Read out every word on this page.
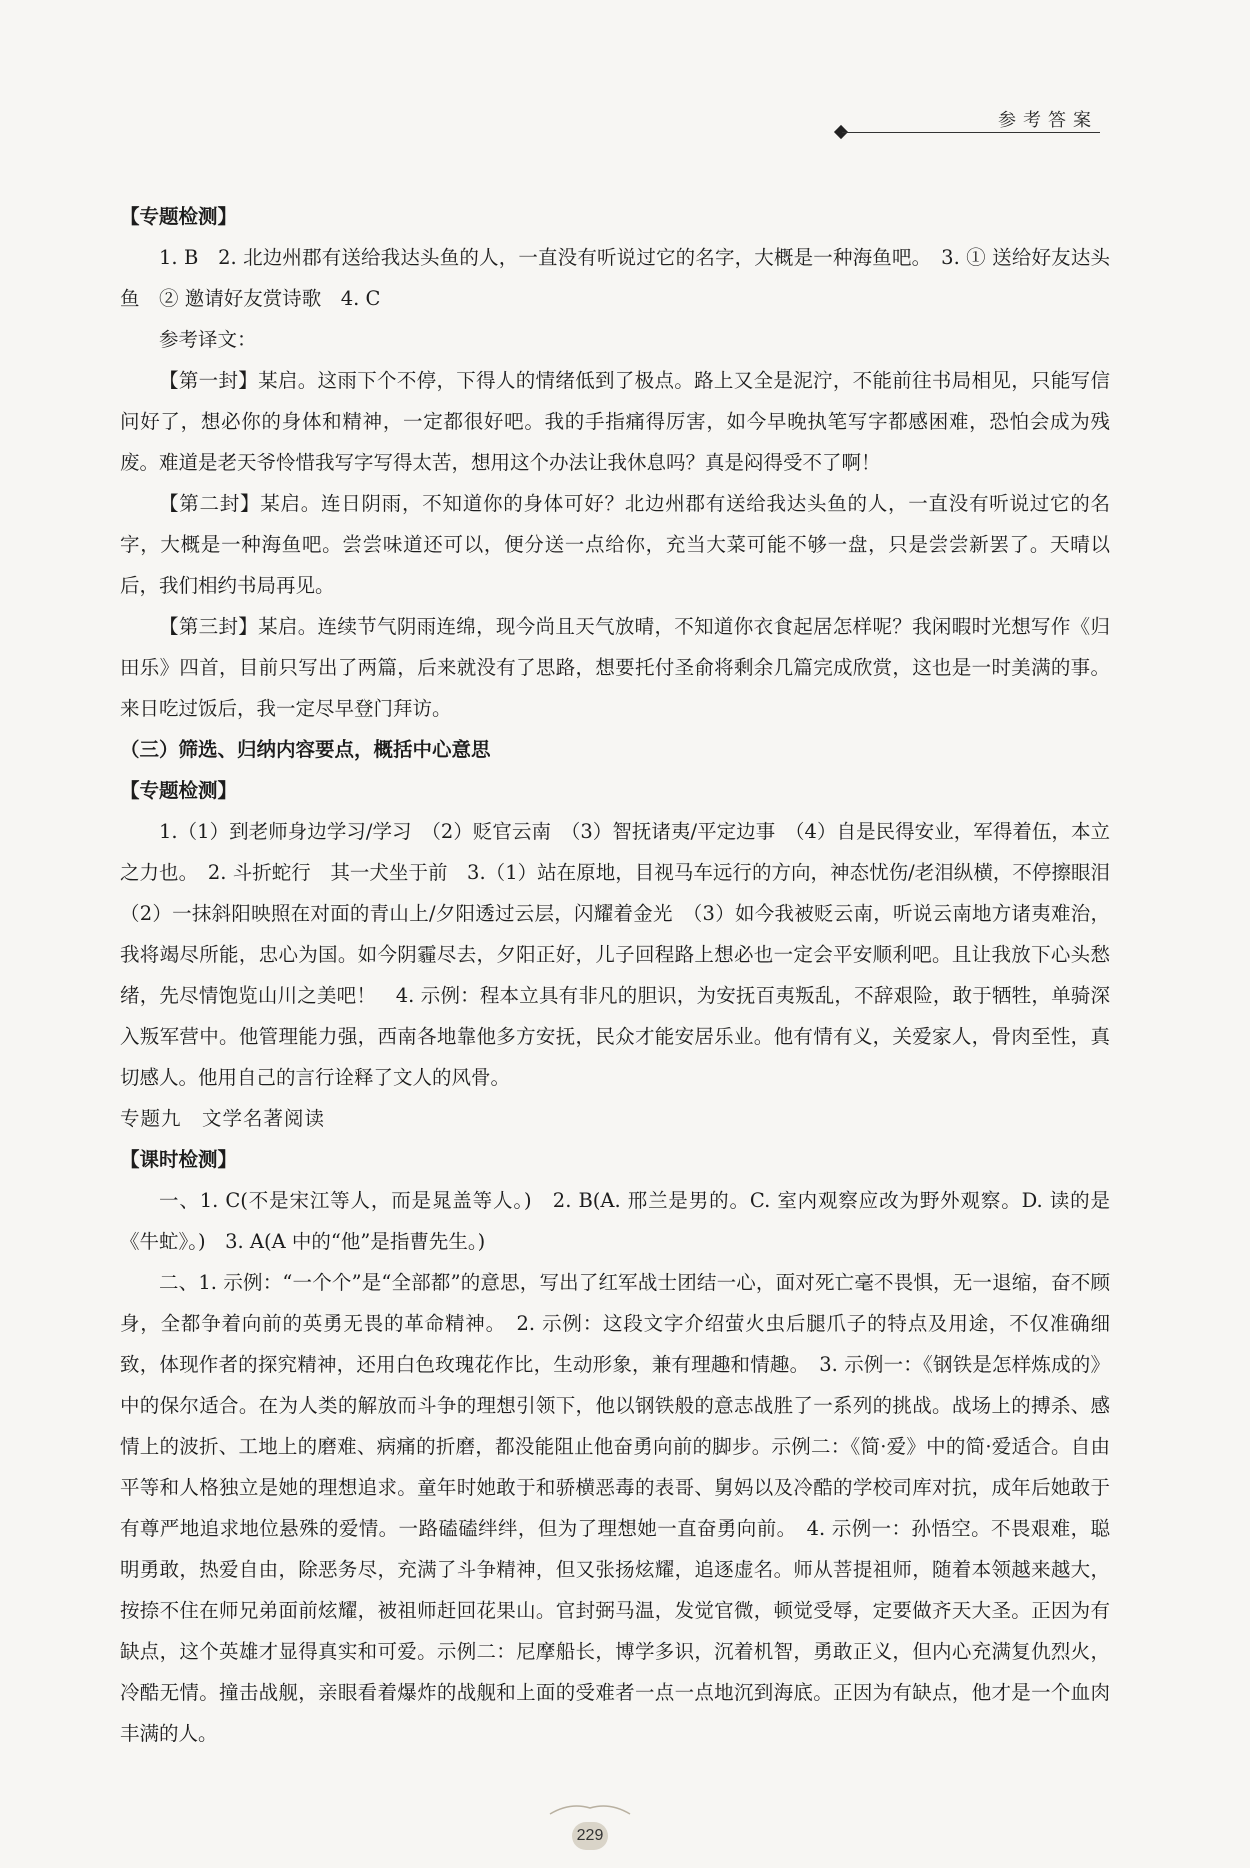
参考答案

【专题检测】

1. B　2. 北边州郡有送给我达头鱼的人，一直没有听说过它的名字，大概是一种海鱼吧。　3. ① 送给好友达头鱼　② 邀请好友赏诗歌　4. C

参考译文：

【第一封】某启。这雨下个不停，下得人的情绪低到了极点。路上又全是泥泞，不能前往书局相见，只能写信问好了，想必你的身体和精神，一定都很好吧。我的手指痛得厉害，如今早晚执笔写字都感困难，恐怕会成为残废。难道是老天爷怜惜我写字写得太苦，想用这个办法让我休息吗？真是闷得受不了啊！

【第二封】某启。连日阴雨，不知道你的身体可好？北边州郡有送给我达头鱼的人，一直没有听说过它的名字，大概是一种海鱼吧。尝尝味道还可以，便分送一点给你，充当大菜可能不够一盘，只是尝尝新罢了。天晴以后，我们相约书局再见。

【第三封】某启。连续节气阴雨连绵，现今尚且天气放晴，不知道你衣食起居怎样呢？我闲暇时光想写作《归田乐》四首，目前只写出了两篇，后来就没有了思路，想要托付圣俞将剩余几篇完成欣赏，这也是一时美满的事。来日吃过饭后，我一定尽早登门拜访。

（三）筛选、归纳内容要点，概括中心意思

【专题检测】

1.（1）到老师身边学习/学习　（2）贬官云南　（3）智抚诸夷/平定边事　（4）自是民得安业，军得着伍，本立之力也。　2. 斗折蛇行　其一犬坐于前　3.（1）站在原地，目视马车远行的方向，神态忧伤/老泪纵横，不停擦眼泪　（2）一抹斜阳映照在对面的青山上/夕阳透过云层，闪耀着金光　（3）如今我被贬云南，听说云南地方诸夷难治，我将竭尽所能，忠心为国。如今阴霾尽去，夕阳正好，儿子回程路上想必也一定会平安顺利吧。且让我放下心头愁绪，先尽情饱览山川之美吧！　4. 示例：程本立具有非凡的胆识，为安抚百夷叛乱，不辞艰险，敢于牺牲，单骑深入叛军营中。他管理能力强，西南各地靠他多方安抚，民众才能安居乐业。他有情有义，关爱家人，骨肉至性，真切感人。他用自己的言行诠释了文人的风骨。

专题九　文学名著阅读

【课时检测】

一、1. C(不是宋江等人，而是晁盖等人。)　2. B(A. 邢兰是男的。C. 室内观察应改为野外观察。D. 读的是《牛虻》。)　3. A(A 中的“他”是指曹先生。)

二、1. 示例：“一个个”是“全部都”的意思，写出了红军战士团结一心，面对死亡毫不畏惧，无一退缩，奋不顾身，全都争着向前的英勇无畏的革命精神。　2. 示例：这段文字介绍萤火虫后腿爪子的特点及用途，不仅准确细致，体现作者的探究精神，还用白色玫瑰花作比，生动形象，兼有理趣和情趣。　3. 示例一：《钢铁是怎样炼成的》中的保尔适合。在为人类的解放而斗争的理想引领下，他以钢铁般的意志战胜了一系列的挑战。战场上的搏杀、感情上的波折、工地上的磨难、病痛的折磨，都没能阻止他奋勇向前的脚步。示例二：《简·爱》中的简·爱适合。自由平等和人格独立是她的理想追求。童年时她敢于和骄横恶毒的表哥、舅妈以及冷酷的学校司库对抗，成年后她敢于有尊严地追求地位悬殊的爱情。一路磕磕绊绊，但为了理想她一直奋勇向前。　4. 示例一：孙悟空。不畏艰难，聪明勇敢，热爱自由，除恶务尽，充满了斗争精神，但又张扬炫耀，追逐虚名。师从菩提祖师，随着本领越来越大，按捺不住在师兄弟面前炫耀，被祖师赶回花果山。官封弼马温，发觉官微，顿觉受辱，定要做齐天大圣。正因为有缺点，这个英雄才显得真实和可爱。示例二：尼摩船长，博学多识，沉着机智，勇敢正义，但内心充满复仇烈火，冷酷无情。撞击战舰，亲眼看着爆炸的战舰和上面的受难者一点一点地沉到海底。正因为有缺点，他才是一个血肉丰满的人。

229
